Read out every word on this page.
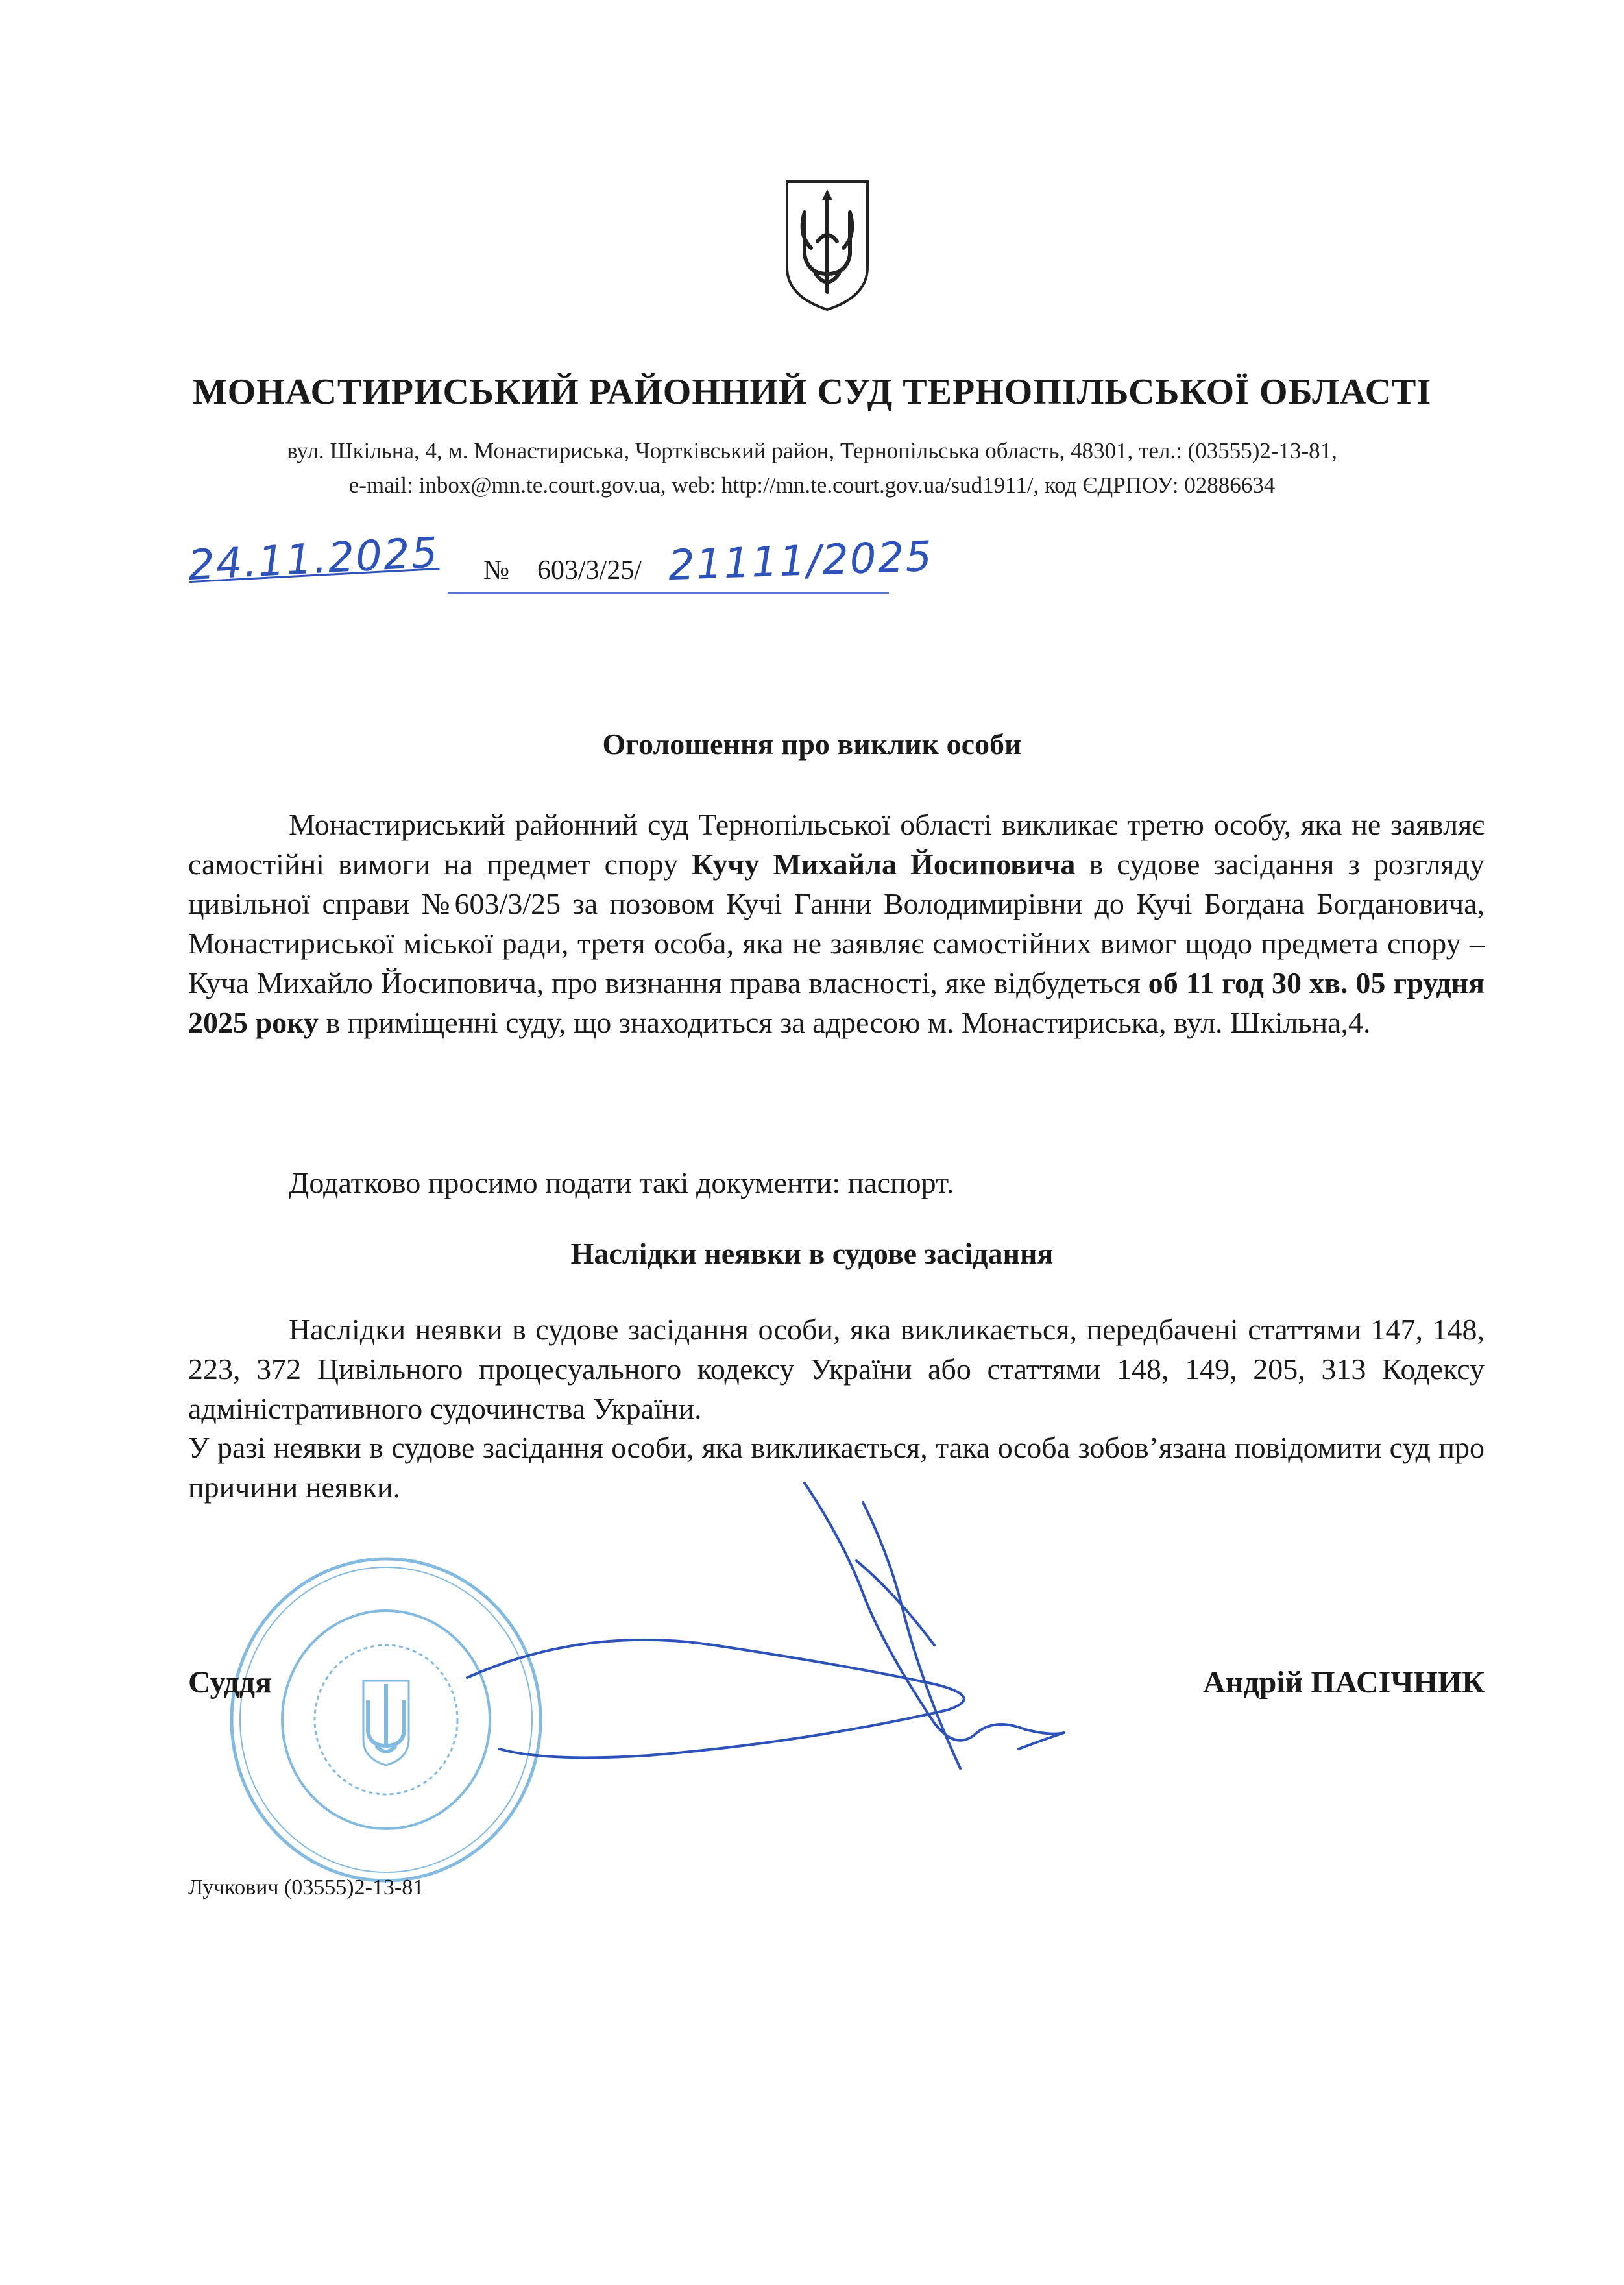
МОНАСТИРИСЬКИЙ РАЙОННИЙ СУД ТЕРНОПІЛЬСЬКОЇ ОБЛАСТІ
вул. Шкільна, 4, м. Монастириська, Чортківський район, Тернопільська область, 48301, тел.: (03555)2-13-81,
e-mail: inbox@mn.te.court.gov.ua, web: http://mn.te.court.gov.ua/sud1911/, код ЄДРПОУ: 02886634
24.11.2025 № 603/3/25/ 21111/2025
Оголошення про виклик особи

Монастириський районний суд Тернопільської області викликає третю особу, яка не заявляє самостійні вимоги на предмет спору Кучу Михайла Йосиповича в судове засідання з розгляду цивільної справи №603/3/25 за позовом Кучі Ганни Володимирівни до Кучі Богдана Богдановича, Монастириської міської ради, третя особа, яка не заявляє самостійних вимог щодо предмета спору – Куча Михайло Йосиповича, про визнання права власності, яке відбудеться об 11 год 30 хв. 05 грудня 2025 року в приміщенні суду, що знаходиться за адресою м. Монастириська, вул. Шкільна,4.

Додатково просимо подати такі документи: паспорт.

Наслідки неявки в судове засідання

Наслідки неявки в судове засідання особи, яка викликається, передбачені статтями 147, 148, 223, 372 Цивільного процесуального кодексу України або статтями 148, 149, 205, 313 Кодексу адміністративного судочинства України.

У разі неявки в судове засідання особи, яка викликається, така особа зобов’язана повідомити суд про причини неявки.

Суддя	Андрій ПАСІЧНИК
Лучкович (03555)2-13-81
